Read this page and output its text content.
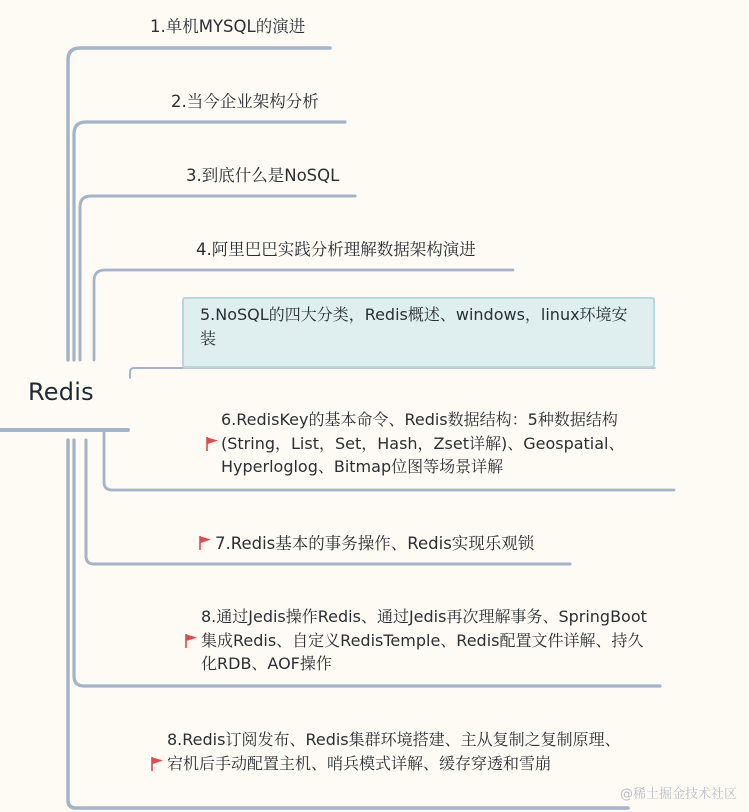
Redis
1.单机MYSQL的演进
2.当今企业架构分析
3.到底什么是NoSQL
4.阿里巴巴实践分析理解数据架构演进
5.NoSQL的四大分类，Redis概述、windows，linux环境安装
6.RedisKey的基本命令、Redis数据结构：5种数据结构(String，List，Set，Hash，Zset详解)、Geospatial、Hyperloglog、Bitmap位图等场景详解
7.Redis基本的事务操作、Redis实现乐观锁
8.通过Jedis操作Redis、通过Jedis再次理解事务、SpringBoot集成Redis、自定义RedisTemple、Redis配置文件详解、持久化RDB、AOF操作
8.Redis订阅发布、Redis集群环境搭建、主从复制之复制原理、宕机后手动配置主机、哨兵模式详解、缓存穿透和雪崩
@稀土掘金技术社区
